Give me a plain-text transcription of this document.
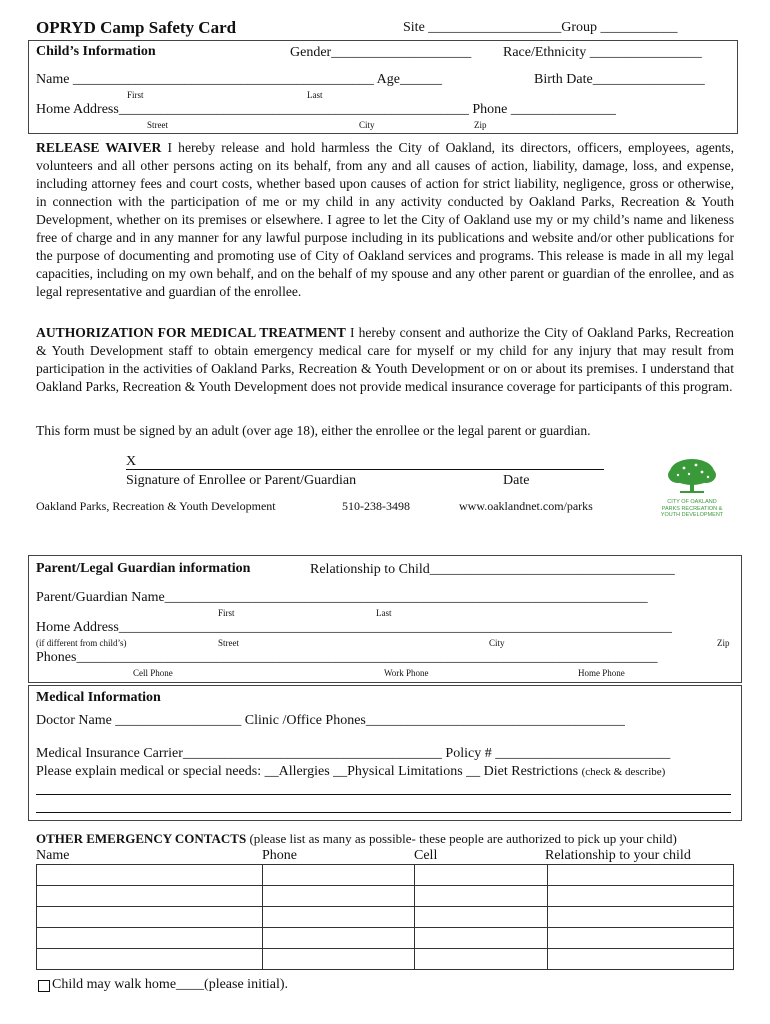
OPRYD Camp Safety Card	Site ___________________Group ___________
Child’s Information	Gender____________________ Race/Ethnicity ________________
Name ___________________________________________ Age______	Birth Date________________
First	Last
Home Address__________________________________________________ Phone _______________
Street	City	Zip
RELEASE WAIVER I hereby release and hold harmless the City of Oakland, its directors, officers, employees, agents, volunteers and all other persons acting on its behalf, from any and all causes of action, liability, damage, loss, and expense, including attorney fees and court costs, whether based upon causes of action for strict liability, negligence, gross or otherwise, in connection with the participation of me or my child in any activity conducted by Oakland Parks, Recreation & Youth Development, whether on its premises or elsewhere. I agree to let the City of Oakland use my or my child’s name and likeness free of charge and in any manner for any lawful purpose including in its publications and website and/or other publications for the purpose of documenting and promoting use of City of Oakland services and programs. This release is made in all my legal capacities, including on my own behalf, and on the behalf of my spouse and any other parent or guardian of the enrollee, and as legal representative and guardian of the enrollee.
AUTHORIZATION FOR MEDICAL TREATMENT I hereby consent and authorize the City of Oakland Parks, Recreation & Youth Development staff to obtain emergency medical care for myself or my child for any injury that may result from participation in the activities of Oakland Parks, Recreation & Youth Development or on or about its premises. I understand that Oakland Parks, Recreation & Youth Development does not provide medical insurance coverage for participants of this program.
This form must be signed by an adult (over age 18), either the enrollee or the legal parent or guardian.
X
Signature of Enrollee or Parent/Guardian	Date
Oakland Parks, Recreation & Youth Development	510-238-3498	www.oaklandnet.com/parks	CITY OF OAKLAND
PARKS RECREATION &
YOUTH DEVELOPMENT
Parent/Legal Guardian information	Relationship to Child___________________________________
Parent/Guardian Name_____________________________________________________________________
First	Last
Home Address_______________________________________________________________________________
(if different from child’s)	Street	City	Zip
Phones___________________________________________________________________________________
Cell Phone	Work Phone	Home Phone
Medical Information
Doctor Name __________________ Clinic /Office Phones_____________________________________
Medical Insurance Carrier_____________________________________ Policy # _________________________
Please explain medical or special needs: __Allergies __Physical Limitations __ Diet Restrictions (check & describe)
OTHER EMERGENCY CONTACTS (please list as many as possible- these people are authorized to pick up your child)
Name	Phone	Cell	Relationship to your child

Child may walk home____(please initial).
